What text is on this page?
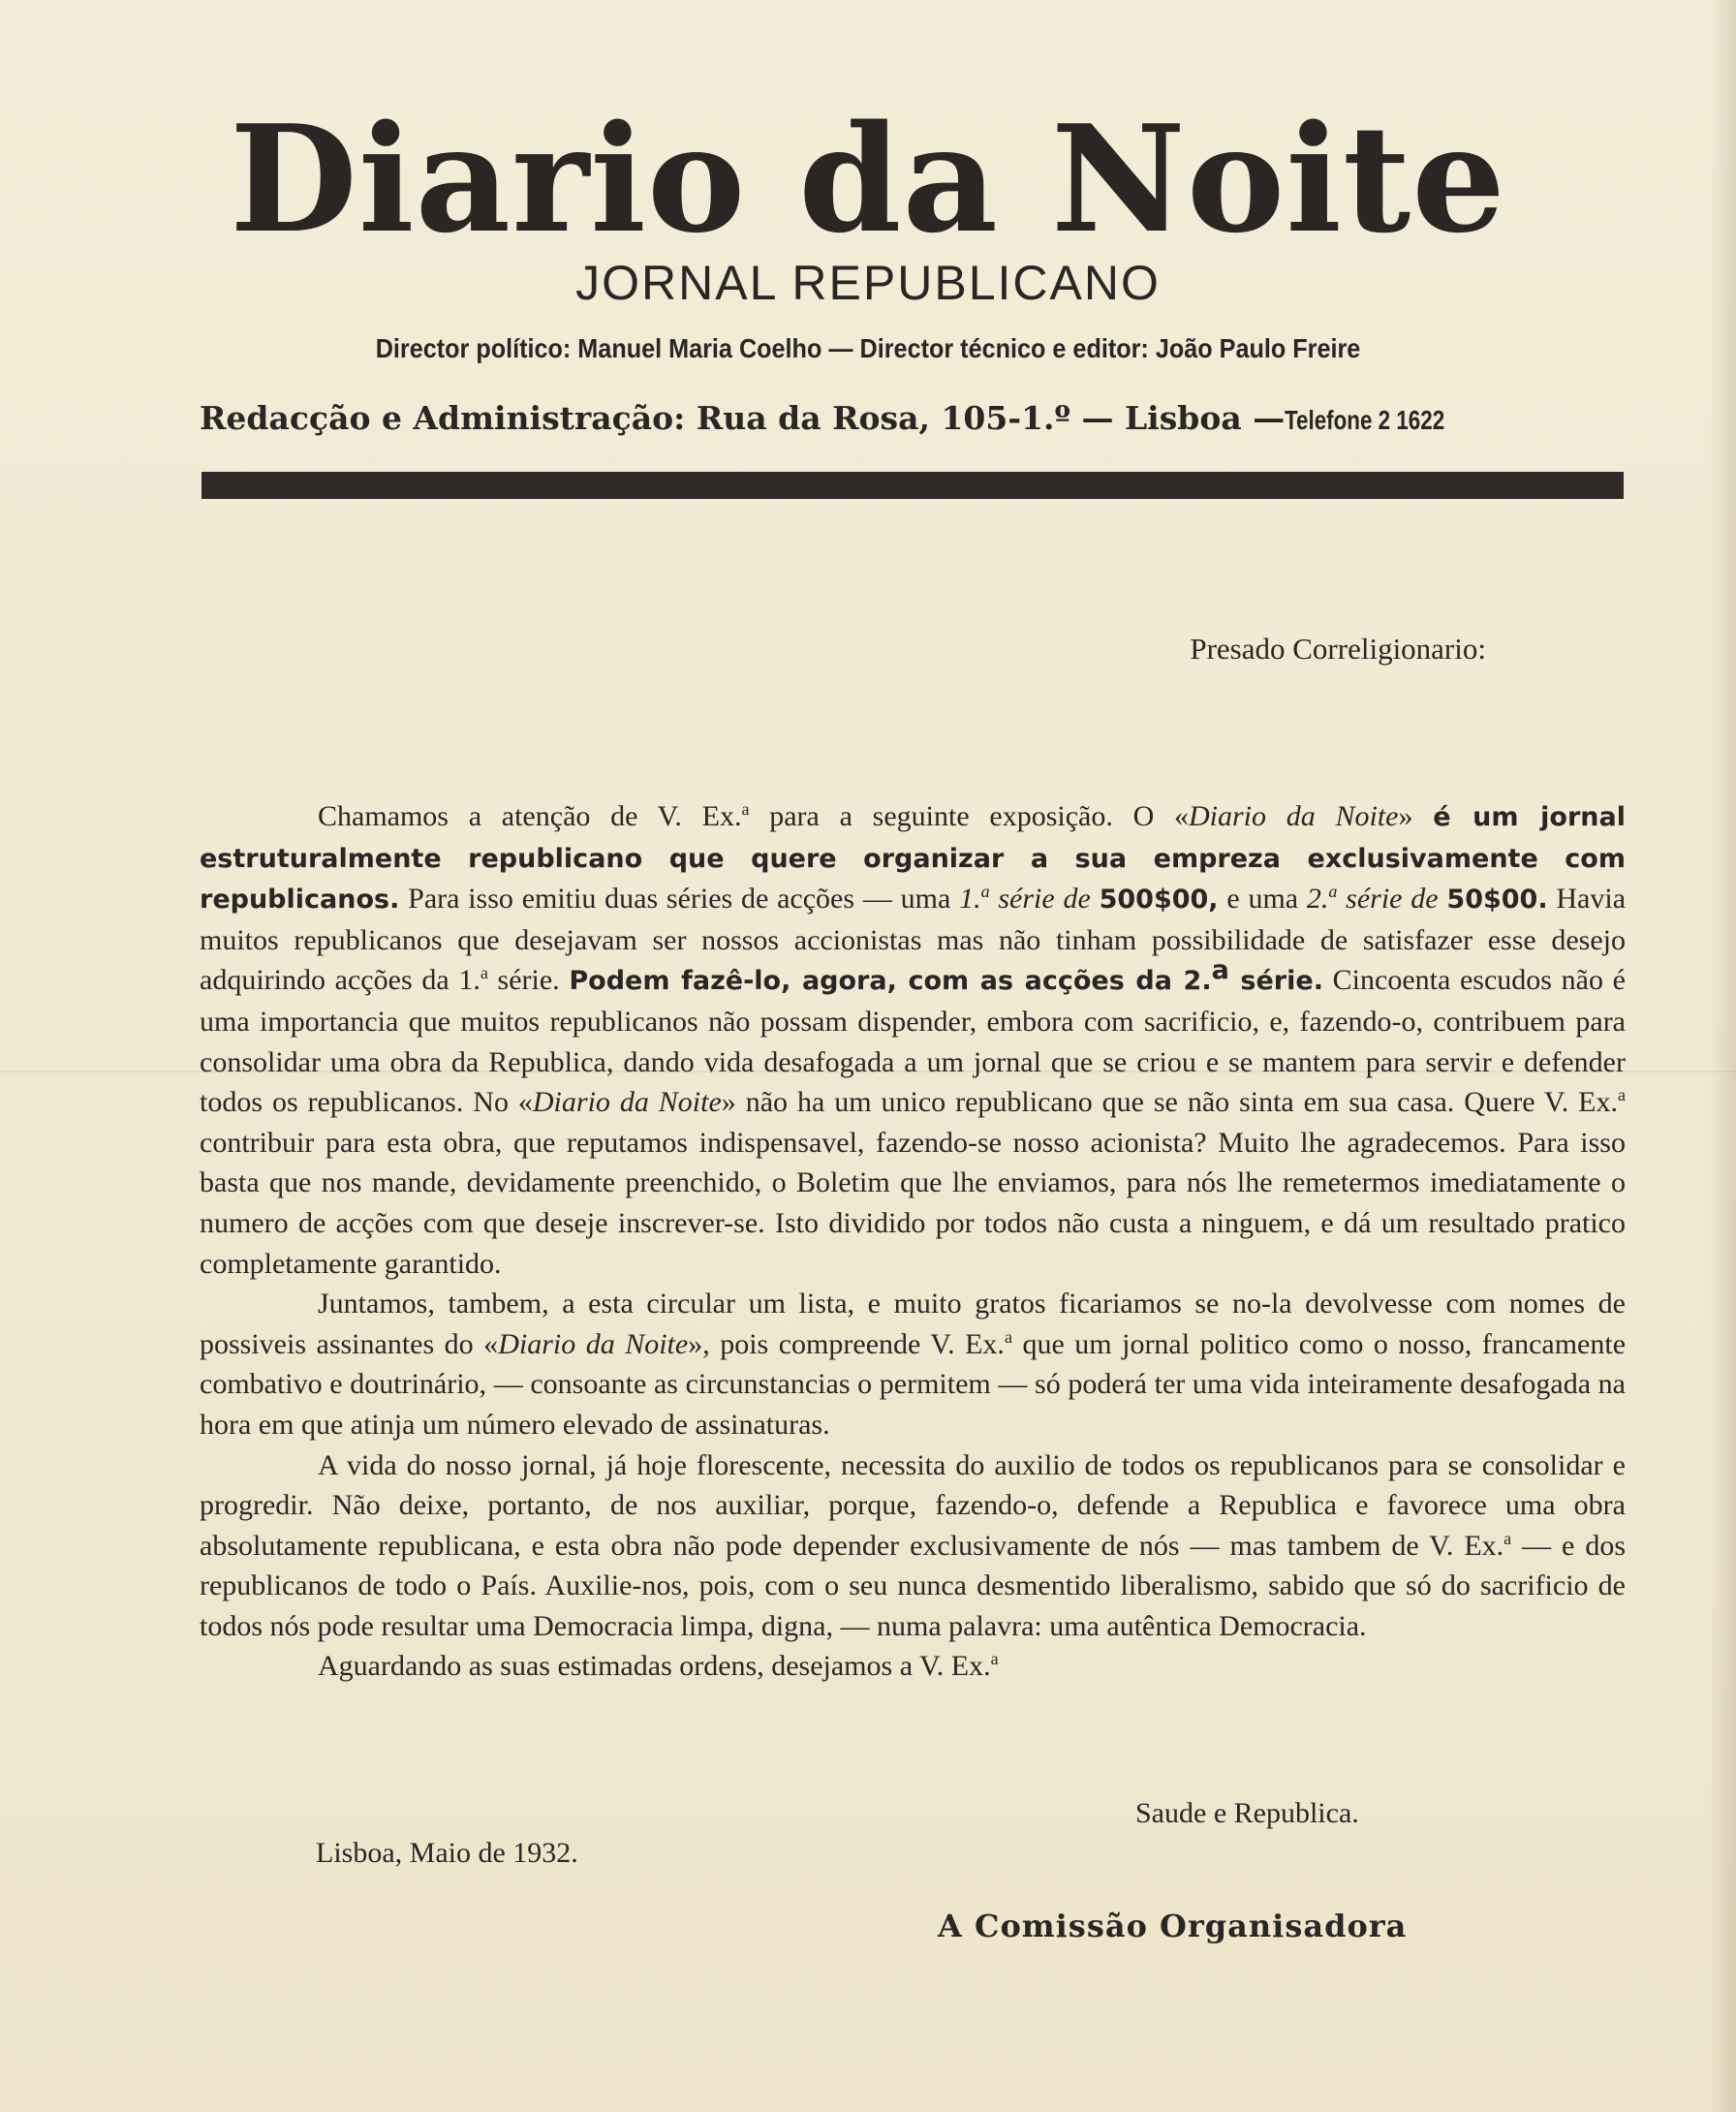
Diario da Noite
JORNAL REPUBLICANO
Director político: Manuel Maria Coelho — Director técnico e editor: João Paulo Freire
Redacção e Administração: Rua da Rosa, 105-1.º — Lisboa —Telefone 2 1622
Presado Correligionario:

Chamamos a atenção de V. Ex.$^a$ para a seguinte exposição. O «Diario da Noite» é um jornal estruturalmente republicano que quere organizar a sua empreza exclusivamente com republicanos. Para isso emitiu duas séries de acções — uma 1.$^a$ série de 500$00, e uma 2.$^a$ série de 50$00. Havia muitos republicanos que desejavam ser nossos accionistas mas não tinham possibilidade de satisfazer esse desejo adquirindo acções da 1.$^a$ série. Podem fazê-lo, agora, com as acções da 2.$^a$ série. Cincoenta escudos não é uma importancia que muitos republicanos não possam dispender, embora com sacrificio, e, fazendo-o, contribuem para consolidar uma obra da Republica, dando vida desafogada a um jornal que se criou e se mantem para servir e defender todos os republicanos. No «Diario da Noite» não ha um unico republicano que se não sinta em sua casa. Quere V. Ex.$^a$ contribuir para esta obra, que reputamos indispensavel, fazendo-se nosso acionista? Muito lhe agradecemos. Para isso basta que nos mande, devidamente preenchido, o Boletim que lhe enviamos, para nós lhe remetermos imediatamente o numero de acções com que deseje inscrever-se. Isto dividido por todos não custa a ninguem, e dá um resultado pratico completamente garantido.

Juntamos, tambem, a esta circular um lista, e muito gratos ficariamos se no-la devolvesse com nomes de possiveis assinantes do «Diario da Noite», pois compreende V. Ex.$^a$ que um jornal politico como o nosso, francamente combativo e doutrinário, — consoante as circunstancias o permitem — só poderá ter uma vida inteiramente desafogada na hora em que atinja um número elevado de assinaturas.

A vida do nosso jornal, já hoje florescente, necessita do auxilio de todos os republicanos para se consolidar e progredir. Não deixe, portanto, de nos auxiliar, porque, fazendo-o, defende a Republica e favorece uma obra absolutamente republicana, e esta obra não pode depender exclusivamente de nós — mas tambem de V. Ex.$^a$ — e dos republicanos de todo o País. Auxilie-nos, pois, com o seu nunca desmentido liberalismo, sabido que só do sacrificio de todos nós pode resultar uma Democracia limpa, digna, — numa palavra: uma autêntica Democracia.

Aguardando as suas estimadas ordens, desejamos a V. Ex.$^a$

Saude e Republica.
Lisboa, Maio de 1932.
A Comissão Organisadora
